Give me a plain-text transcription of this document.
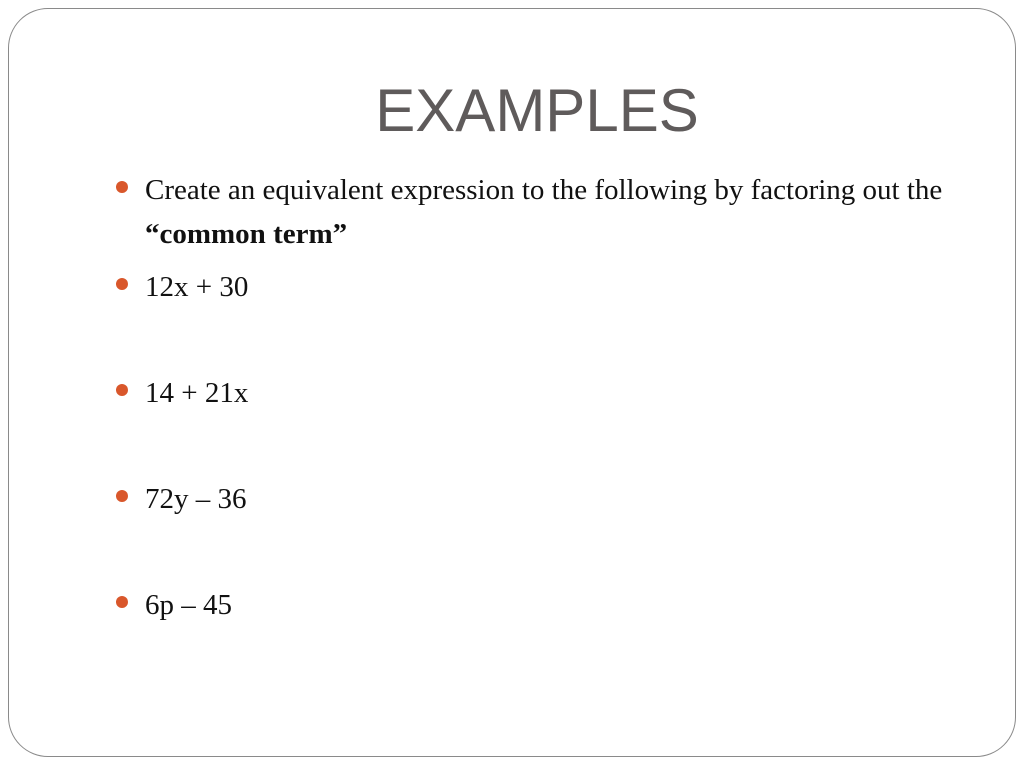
EXAMPLES
Create an equivalent expression to the following by factoring out the “common term”
12x + 30
14 + 21x
72y – 36
6p – 45
